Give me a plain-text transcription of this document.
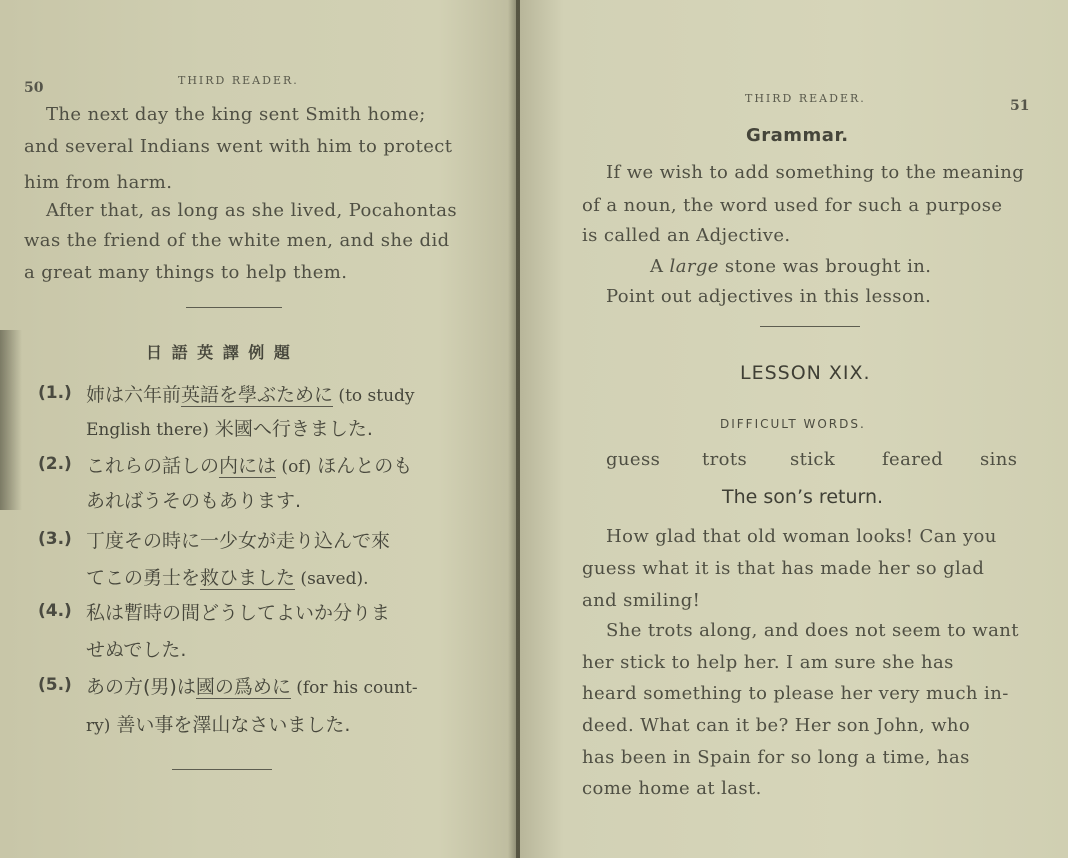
50	THIRD READER.
The next day the king sent Smith home;
and several Indians went with him to protect
him from harm.
After that, as long as she lived, Pocahontas
was the friend of the white men, and she did
a great many things to help them.
日 語 英 譯 例 題
(1.) 姉は六年前英語を學ぶために (to study
English there) 米國へ行きました.
(2.) これらの話しの内には (of) ほんとのも
あればうそのもあります.
(3.) 丁度その時に一少女が走り込んで來
てこの勇士を救ひました (saved).
(4.) 私は暫時の間どうしてよいか分りま
せぬでした.
(5.) あの方(男)は國の爲めに (for his count-
ry) 善い事を澤山なさいました.
THIRD READER.	51
Grammar.
If we wish to add something to the meaning
of a noun, the word used for such a purpose
is called an Adjective.
A large stone was brought in.
Point out adjectives in this lesson.
LESSON XIX.
DIFFICULT WORDS.
guess trots stick	feared sins
The son’s return.
How glad that old woman looks! Can you
guess what it is that has made her so glad
and smiling!
She trots along, and does not seem to want
her stick to help her. I am sure she has
heard something to please her very much in-
deed. What can it be? Her son John, who
has been in Spain for so long a time, has
come home at last.
